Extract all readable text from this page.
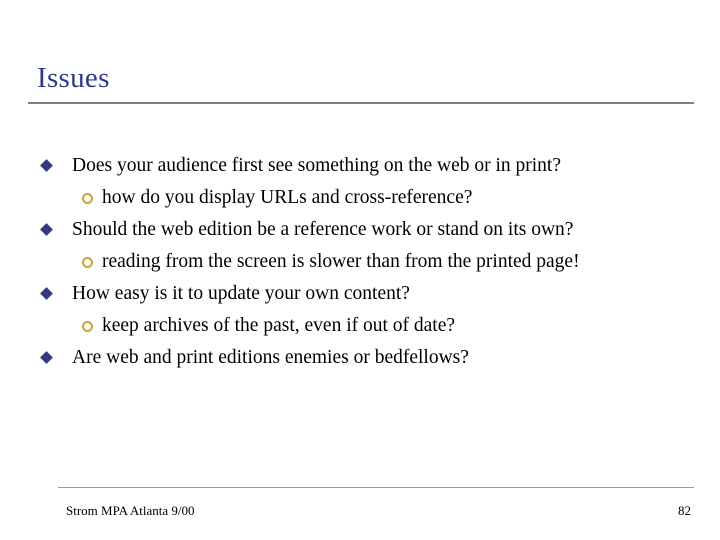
Issues
Does your audience first see something on the web or in print?
how do you display URLs and cross-reference?
Should the web edition be a reference work or stand on its own?
reading from the screen is slower than from the printed page!
How easy is it to update your own content?
keep archives of the past, even if out of date?
Are web and print editions enemies or bedfellows?
Strom MPA Atlanta 9/00	82
